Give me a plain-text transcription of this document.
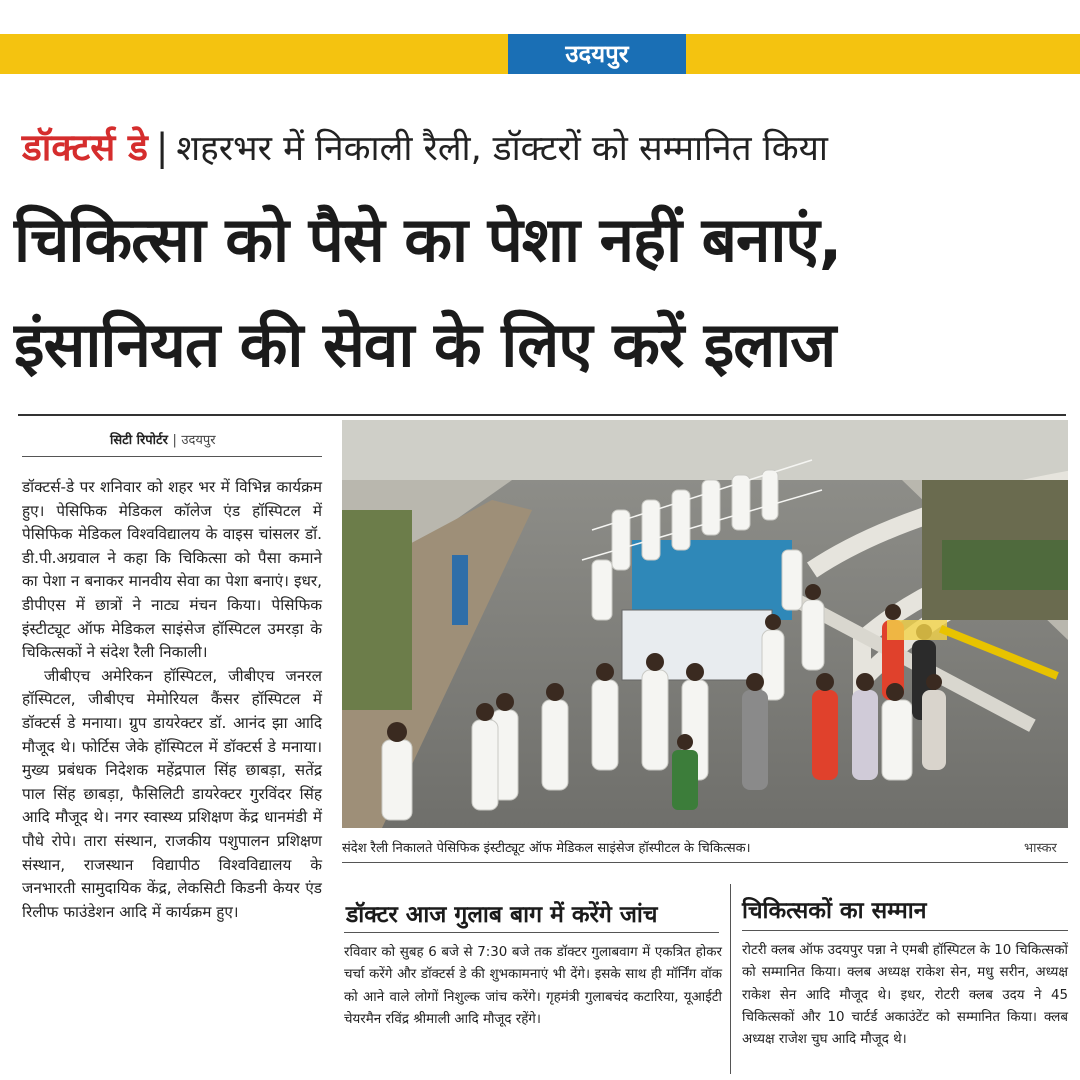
उदयपुर
डॉक्टर्स डे | शहरभर में निकाली रैली, डॉक्टरों को सम्मानित किया
चिकित्सा को पैसे का पेशा नहीं बनाएं,
इंसानियत की सेवा के लिए करें इलाज
सिटी रिपोर्टर | उदयपुर

डॉक्टर्स-डे पर शनिवार को शहर भर में विभिन्न कार्यक्रम हुए। पेसिफिक मेडिकल कॉलेज एंड हॉस्पिटल में पेसिफिक मेडिकल विश्वविद्यालय के वाइस चांसलर डॉ. डी.पी.अग्रवाल ने कहा कि चिकित्सा को पैसा कमाने का पेशा न बनाकर मानवीय सेवा का पेशा बनाएं। इधर, डीपीएस में छात्रों ने नाट्य मंचन किया। पेसिफिक इंस्टीट्यूट ऑफ मेडिकल साइंसेज हॉस्पिटल उमरड़ा के चिकित्सकों ने संदेश रैली निकाली।

जीबीएच अमेरिकन हॉस्पिटल, जीबीएच जनरल हॉस्पिटल, जीबीएच मेमोरियल कैंसर हॉस्पिटल में डॉक्टर्स डे मनाया। ग्रुप डायरेक्टर डॉ. आनंद झा आदि मौजूद थे। फोर्टिस जेके हॉस्पिटल में डॉक्टर्स डे मनाया। मुख्य प्रबंधक निदेशक महेंद्रपाल सिंह छाबड़ा, सतेंद्र पाल सिंह छाबड़ा, फैसिलिटी डायरेक्टर गुरविंदर सिंह आदि मौजूद थे। नगर स्वास्थ्य प्रशिक्षण केंद्र धानमंडी में पौधे रोपे। तारा संस्थान, राजकीय पशुपालन प्रशिक्षण संस्थान, राजस्थान विद्यापीठ विश्वविद्यालय के जनभारती सामुदायिक केंद्र, लेकसिटी किडनी केयर एंड रिलीफ फाउंडेशन आदि में कार्यक्रम हुए।

संदेश रैली निकालते पेसिफिक इंस्टीट्यूट ऑफ मेडिकल साइंसेज हॉस्पीटल के चिकित्सक।	भास्कर
डॉक्टर आज गुलाब बाग में करेंगे जांच
रविवार को सुबह 6 बजे से 7:30 बजे तक डॉक्टर गुलाबवाग में एकत्रित होकर चर्चा करेंगे और डॉक्टर्स डे की शुभकामनाएं भी देंगे। इसके साथ ही मॉर्निंग वॉक को आने वाले लोगों निशुल्क जांच करेंगे। गृहमंत्री गुलाबचंद कटारिया, यूआईटी चेयरमैन रविंद्र श्रीमाली आदि मौजूद रहेंगे।
चिकित्सकों का सम्मान
रोटरी क्लब ऑफ उदयपुर पन्ना ने एमबी हॉस्पिटल के 10 चिकित्सकों को सम्मानित किया। क्लब अध्यक्ष राकेश सेन, मधु सरीन, अध्यक्ष राकेश सेन आदि मौजूद थे। इधर, रोटरी क्लब उदय ने 45 चिकित्सकों और 10 चार्टर्ड अकाउंटेंट को सम्मानित किया। क्लब अध्यक्ष राजेश चुघ आदि मौजूद थे।
